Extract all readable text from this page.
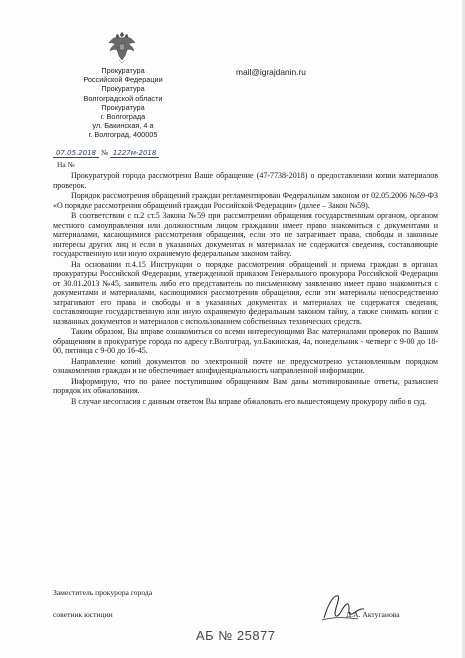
Прокуратура
Российской Федерации
Прокуратура
Волгоградской области
Прокуратура
г. Волгограда
ул. Бакинская, 4 а
г. Волгоград, 400005
mail@igrajdanin.ru
07.05.2018 № 1227м-2018
На №

Прокуратурой города рассмотрено Ваше обращение (47-7738-2018) о предоставлении копии материалов проверок.

Порядок рассмотрения обращений граждан регламентирован Федеральным законом от 02.05.2006 №59-ФЗ «О порядке рассмотрения обращений граждан Российской Федерации» (далее – Закон №59).

В соответствии с п.2 ст.5 Закона №59 при рассмотрении обращения государственным органом, органом местного самоуправления или должностным лицом гражданин имеет право знакомиться с документами и материалами, касающимися рассмотрения обращения, если это не затрагивает права, свободы и законные интересы других лиц и если в указанных документах и материалах не содержатся сведения, составляющие государственную или иную охраняемую федеральным законом тайну.

На основании п.4.15 Инструкции о порядке рассмотрения обращений и приема граждан в органах прокуратуры Российской Федерации, утвержденной приказом Генерального прокурора Российской Федерации от 30.01.2013 №45, заявитель либо его представитель по письменному заявлению имеет право знакомиться с документами и материалами, касающимися рассмотрения обращения, если эти материалы непосредственно затрагивают его права и свободы и в указанных документах и материалах не содержатся сведения, составляющие государственную или иную охраняемую федеральным законом тайну, а также снимать копии с названных документов и материалов с использованием собственных технических средств.

Таким образом, Вы вправе ознакомиться со всеми интересующими Вас материалами проверок по Вашим обращениям в прокуратуре города по адресу г.Волгоград, ул.Бакинская, 4а, понедельник - четверг с 9-00 до 18-00, пятница с 9-00 до 16-45.

Направление копий документов по электронной почте не предусмотрено установленным порядком ознакомления граждан и не обеспечивает конфиденциальность направленной информации.

Информирую, что по ранее поступившим обращениям Вам даны мотивированные ответы, разъяснен порядок их обжалования.

В случае несогласия с данным ответом Вы вправе обжаловать его вышестоящему прокурору либо в суд.

Заместитель прокурора города
советник юстиции	Д.А. Актуганова
АБ № 25877
